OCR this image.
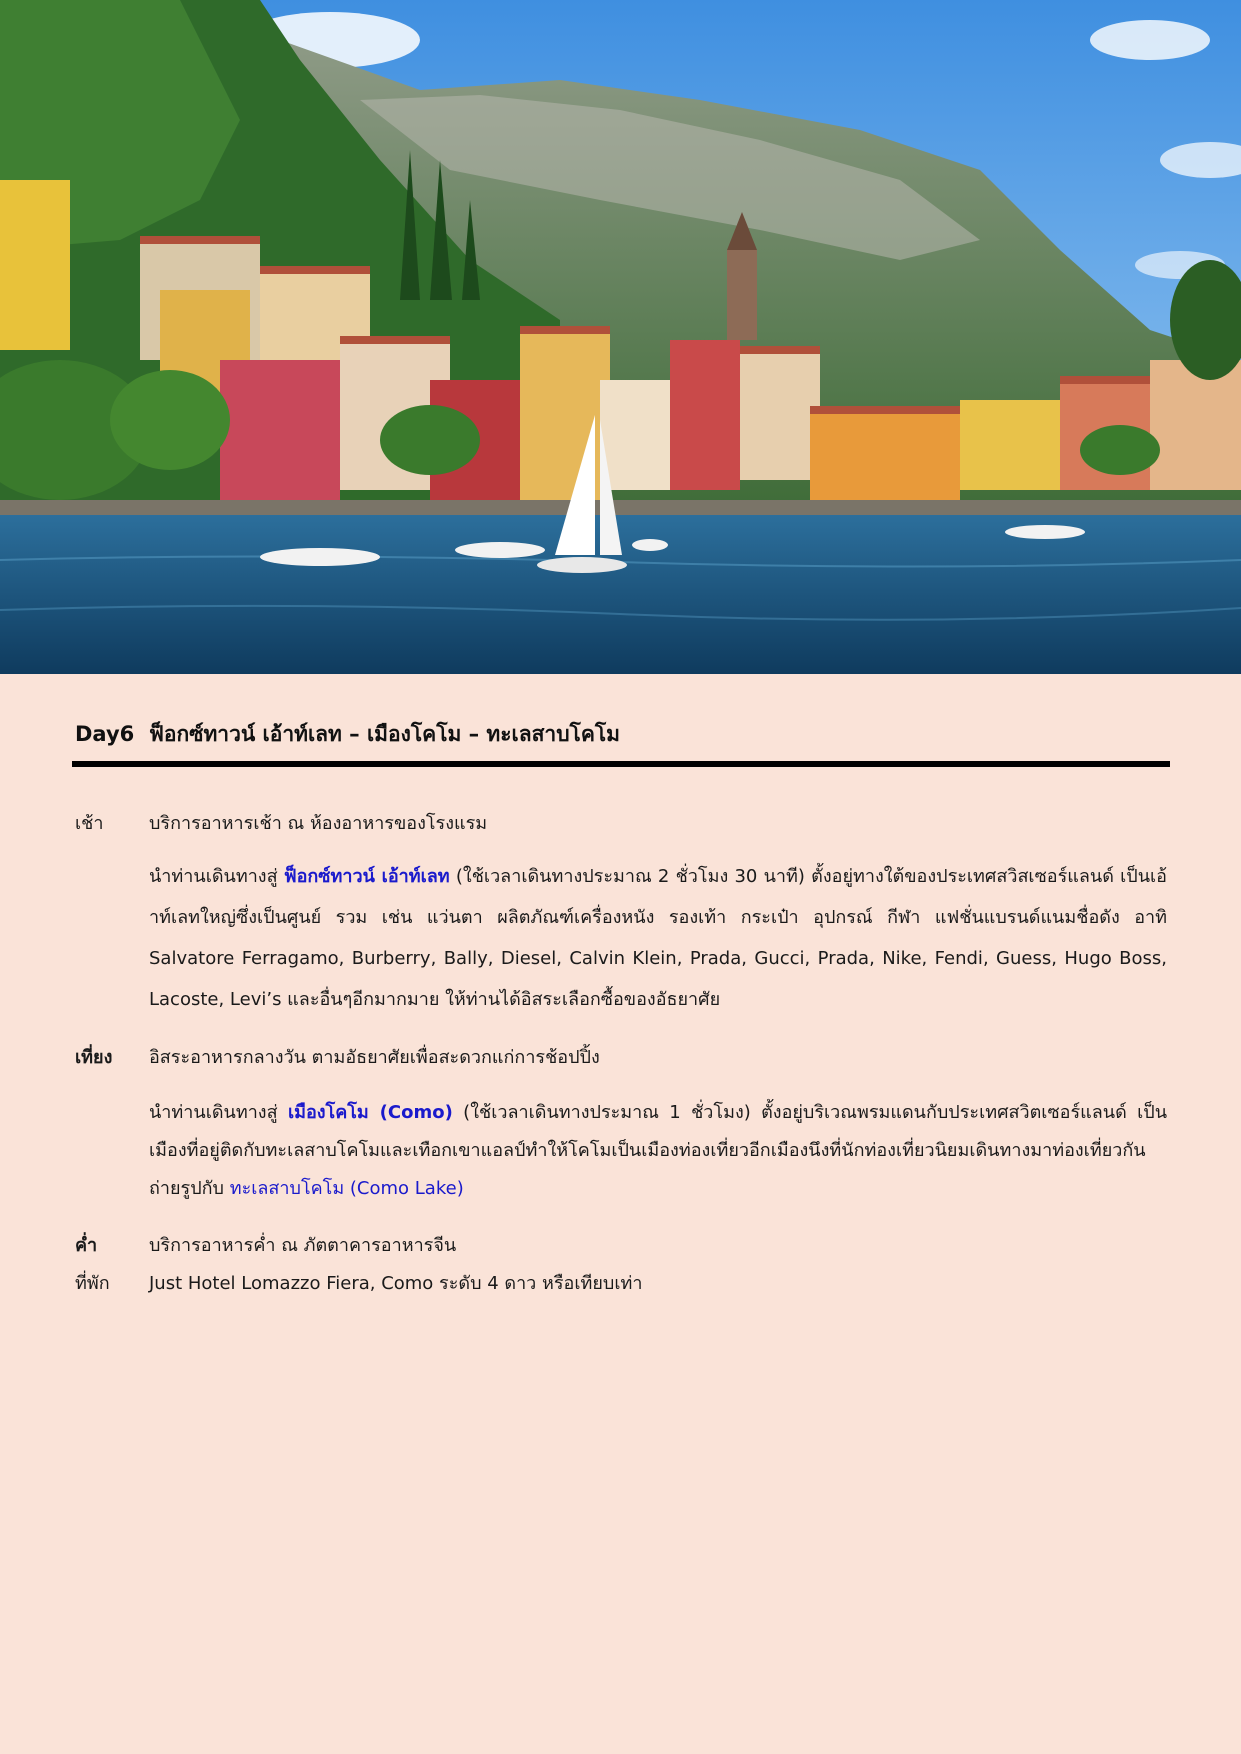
Day6 ฟ็อกซ์ทาวน์ เอ้าท์เลท – เมืองโคโม – ทะเลสาบโคโม
เช้า	บริการอาหารเช้า ณ ห้องอาหารของโรงแรม
นำท่านเดินทางสู่ ฟ็อกซ์ทาวน์ เอ้าท์เลท (ใช้เวลาเดินทางประมาณ 2 ชั่วโมง 30 นาที) ตั้งอยู่ทางใต้ของประเทศสวิสเซอร์แลนด์ เป็นเอ้าท์เลทใหญ่ซึ่งเป็นศูนย์ รวม เช่น แว่นตา ผลิตภัณฑ์เครื่องหนัง รองเท้า กระเป๋า อุปกรณ์ กีฬา แฟชั่นแบรนด์แนมชื่อดัง อาทิ Salvatore Ferragamo, Burberry, Bally, Diesel, Calvin Klein, Prada, Gucci, Prada, Nike, Fendi, Guess, Hugo Boss, Lacoste, Levi’s และอื่นๆอีกมากมาย ให้ท่านได้อิสระเลือกซื้อของอัธยาศัย
เที่ยง	อิสระอาหารกลางวัน ตามอัธยาศัยเพื่อสะดวกแก่การช้อปปิ้ง
นำท่านเดินทางสู่ เมืองโคโม (Como) (ใช้เวลาเดินทางประมาณ 1 ชั่วโมง) ตั้งอยู่บริเวณพรมแดนกับประเทศสวิตเซอร์แลนด์ เป็นเมืองที่อยู่ติดกับทะเลสาบโคโมและเทือกเขาแอลป์ทำให้โคโมเป็นเมืองท่องเที่ยวอีกเมืองนึงที่นักท่องเที่ยวนิยมเดินทางมาท่องเที่ยวกัน ถ่ายรูปกับ ทะเลสาบโคโม (Como Lake)
ค่ำ	บริการอาหารค่ำ ณ ภัตตาคารอาหารจีน
ที่พัก	Just Hotel Lomazzo Fiera, Como ระดับ 4 ดาว หรือเทียบเท่า
